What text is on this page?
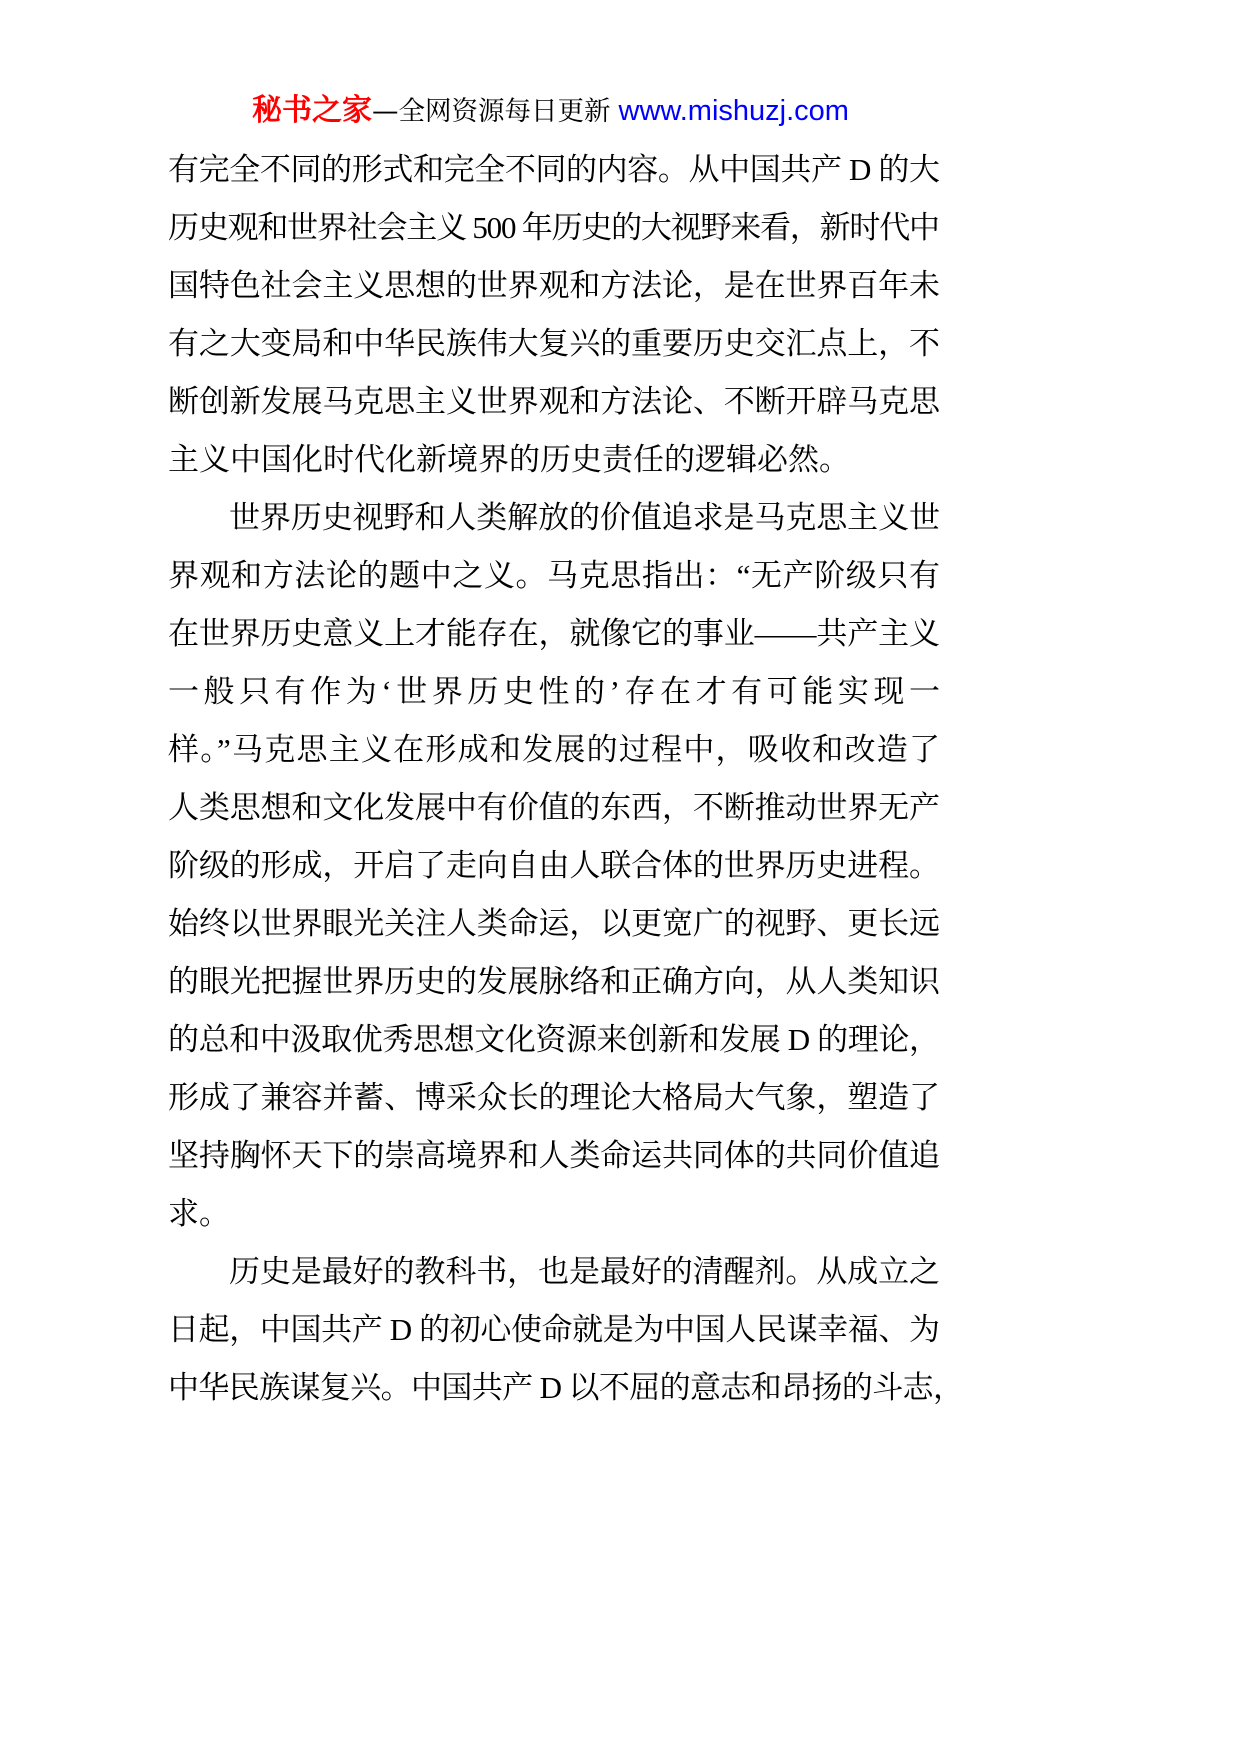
秘书之家—全网资源每日更新 www.mishuzj.com
有完全不同的形式和完全不同的内容。从中国共产 D 的大
历史观和世界社会主义 500 年历史的大视野来看，新时代中
国特色社会主义思想的世界观和方法论，是在世界百年未
有之大变局和中华民族伟大复兴的重要历史交汇点上，不
断创新发展马克思主义世界观和方法论、不断开辟马克思
主义中国化时代化新境界的历史责任的逻辑必然。
世界历史视野和人类解放的价值追求是马克思主义世
界观和方法论的题中之义。马克思指出：“无产阶级只有
在世界历史意义上才能存在，就像它的事业——共产主义
一般只有作为‘世界历史性的’存在才有可能实现一
样。”马克思主义在形成和发展的过程中，吸收和改造了
人类思想和文化发展中有价值的东西，不断推动世界无产
阶级的形成，开启了走向自由人联合体的世界历史进程。
始终以世界眼光关注人类命运，以更宽广的视野、更长远
的眼光把握世界历史的发展脉络和正确方向，从人类知识
的总和中汲取优秀思想文化资源来创新和发展 D 的理论，
形成了兼容并蓄、博采众长的理论大格局大气象，塑造了
坚持胸怀天下的崇高境界和人类命运共同体的共同价值追
求。
历史是最好的教科书，也是最好的清醒剂。从成立之
日起，中国共产 D 的初心使命就是为中国人民谋幸福、为
中华民族谋复兴。中国共产 D 以不屈的意志和昂扬的斗志，
